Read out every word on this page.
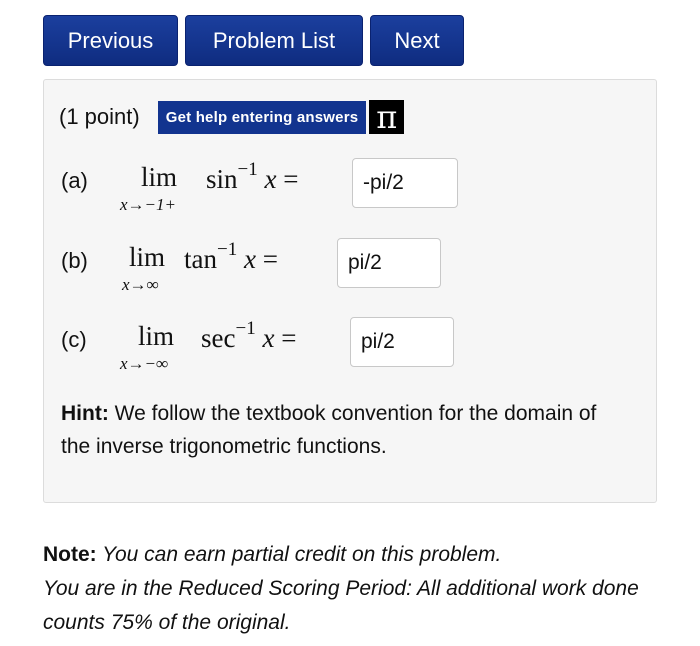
Previous	Problem List	Next
(1 point)	Get help entering answers π
(a) lim
x→−1+
$\sin^{-1} x$ =	-pi/2
(b) lim
x→∞
$\tan^{-1} x$ =	pi/2
(c) lim
x→−∞
$\sec^{-1} x$ =	pi/2
Hint: We follow the textbook convention for the domain of the inverse trigonometric functions.
Note: You can earn partial credit on this problem.
You are in the Reduced Scoring Period: All additional work done counts 75% of the original.
